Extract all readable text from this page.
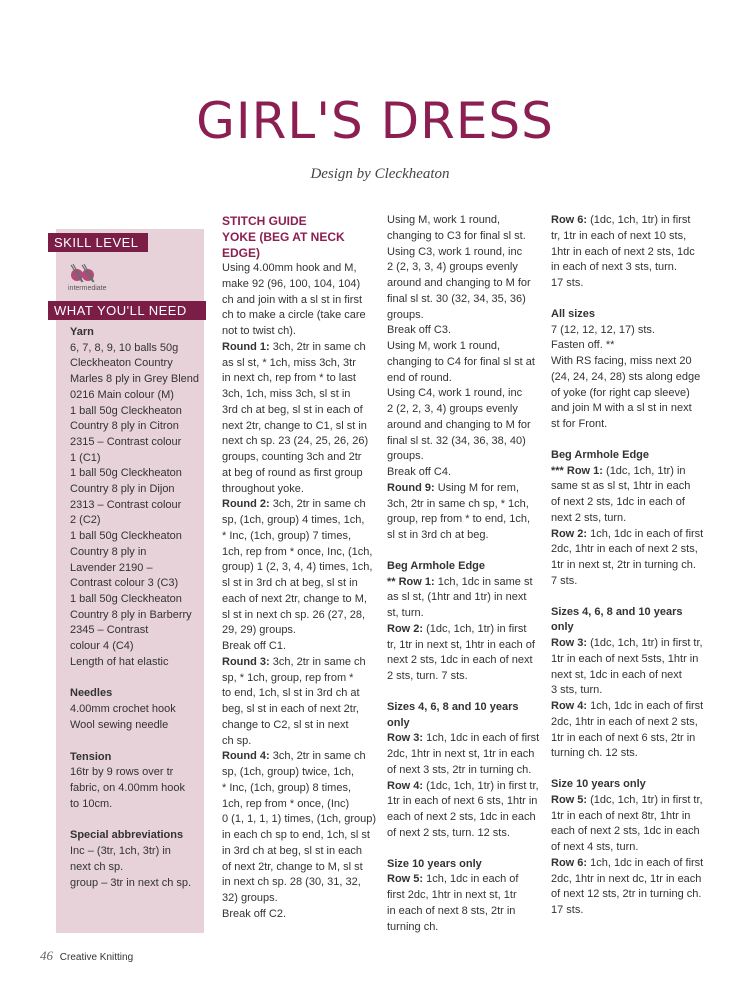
GIRL'S DRESS
Design by Cleckheaton
SKILL LEVEL
intermediate
WHAT YOU'LL NEED
Yarn
6, 7, 8, 9, 10 balls 50g
Cleckheaton Country
Marles 8 ply in Grey Blend
0216 Main colour (M)
1 ball 50g Cleckheaton
Country 8 ply in Citron
2315 – Contrast colour
1 (C1)
1 ball 50g Cleckheaton
Country 8 ply in Dijon
2313 – Contrast colour
2 (C2)
1 ball 50g Cleckheaton
Country 8 ply in
Lavender 2190 –
Contrast colour 3 (C3)
1 ball 50g Cleckheaton
Country 8 ply in Barberry
2345 – Contrast
colour 4 (C4)
Length of hat elastic
Needles
4.00mm crochet hook
Wool sewing needle
Tension
16tr by 9 rows over tr
fabric, on 4.00mm hook
to 10cm.
Special abbreviations
Inc – (3tr, 1ch, 3tr) in
next ch sp.
group – 3tr in next ch sp.
STITCH GUIDE
YOKE (BEG AT NECK
EDGE)
Using 4.00mm hook and M,
make 92 (96, 100, 104, 104)
ch and join with a sl st in first
ch to make a circle (take care
not to twist ch).
Round 1: 3ch, 2tr in same ch
as sl st, * 1ch, miss 3ch, 3tr
in next ch, rep from * to last
3ch, 1ch, miss 3ch, sl st in
3rd ch at beg, sl st in each of
next 2tr, change to C1, sl st in
next ch sp. 23 (24, 25, 26, 26)
groups, counting 3ch and 2tr
at beg of round as first group
throughout yoke.
Round 2: 3ch, 2tr in same ch
sp, (1ch, group) 4 times, 1ch,
* Inc, (1ch, group) 7 times,
1ch, rep from * once, Inc, (1ch,
group) 1 (2, 3, 4, 4) times, 1ch,
sl st in 3rd ch at beg, sl st in
each of next 2tr, change to M,
sl st in next ch sp. 26 (27, 28,
29, 29) groups.
Break off C1.
Round 3: 3ch, 2tr in same ch
sp, * 1ch, group, rep from *
to end, 1ch, sl st in 3rd ch at
beg, sl st in each of next 2tr,
change to C2, sl st in next
ch sp.
Round 4: 3ch, 2tr in same ch
sp, (1ch, group) twice, 1ch,
* Inc, (1ch, group) 8 times,
1ch, rep from * once, (Inc)
0 (1, 1, 1, 1) times, (1ch, group)
in each ch sp to end, 1ch, sl st
in 3rd ch at beg, sl st in each
of next 2tr, change to M, sl st
in next ch sp. 28 (30, 31, 32,
32) groups.
Break off C2.
Using M, work 1 round,
changing to C3 for final sl st.
Using C3, work 1 round, inc
2 (2, 3, 3, 4) groups evenly
around and changing to M for
final sl st. 30 (32, 34, 35, 36)
groups.
Break off C3.
Using M, work 1 round,
changing to C4 for final sl st at
end of round.
Using C4, work 1 round, inc
2 (2, 2, 3, 4) groups evenly
around and changing to M for
final sl st. 32 (34, 36, 38, 40)
groups.
Break off C4.
Round 9: Using M for rem,
3ch, 2tr in same ch sp, * 1ch,
group, rep from * to end, 1ch,
sl st in 3rd ch at beg.
Beg Armhole Edge
** Row 1: 1ch, 1dc in same st
as sl st, (1htr and 1tr) in next
st, turn.
Row 2: (1dc, 1ch, 1tr) in first
tr, 1tr in next st, 1htr in each of
next 2 sts, 1dc in each of next
2 sts, turn. 7 sts.
Sizes 4, 6, 8 and 10 years only
Row 3: 1ch, 1dc in each of first
2dc, 1htr in next st, 1tr in each
of next 3 sts, 2tr in turning ch.
Row 4: (1dc, 1ch, 1tr) in first tr,
1tr in each of next 6 sts, 1htr in
each of next 2 sts, 1dc in each
of next 2 sts, turn. 12 sts.
Size 10 years only
Row 5: 1ch, 1dc in each of
first 2dc, 1htr in next st, 1tr
in each of next 8 sts, 2tr in
turning ch.
Row 6: (1dc, 1ch, 1tr) in first
tr, 1tr in each of next 10 sts,
1htr in each of next 2 sts, 1dc
in each of next 3 sts, turn.
17 sts.
All sizes
7 (12, 12, 12, 17) sts.
Fasten off. **
With RS facing, miss next 20
(24, 24, 24, 28) sts along edge
of yoke (for right cap sleeve)
and join M with a sl st in next
st for Front.
Beg Armhole Edge
*** Row 1: (1dc, 1ch, 1tr) in
same st as sl st, 1htr in each
of next 2 sts, 1dc in each of
next 2 sts, turn.
Row 2: 1ch, 1dc in each of first
2dc, 1htr in each of next 2 sts,
1tr in next st, 2tr in turning ch.
7 sts.
Sizes 4, 6, 8 and 10 years
only
Row 3: (1dc, 1ch, 1tr) in first tr,
1tr in each of next 5sts, 1htr in
next st, 1dc in each of next
3 sts, turn.
Row 4: 1ch, 1dc in each of first
2dc, 1htr in each of next 2 sts,
1tr in each of next 6 sts, 2tr in
turning ch. 12 sts.
Size 10 years only
Row 5: (1dc, 1ch, 1tr) in first tr,
1tr in each of next 8tr, 1htr in
each of next 2 sts, 1dc in each
of next 4 sts, turn.
Row 6: 1ch, 1dc in each of first
2dc, 1htr in next dc, 1tr in each
of next 12 sts, 2tr in turning ch.
17 sts.
46 Creative Knitting
